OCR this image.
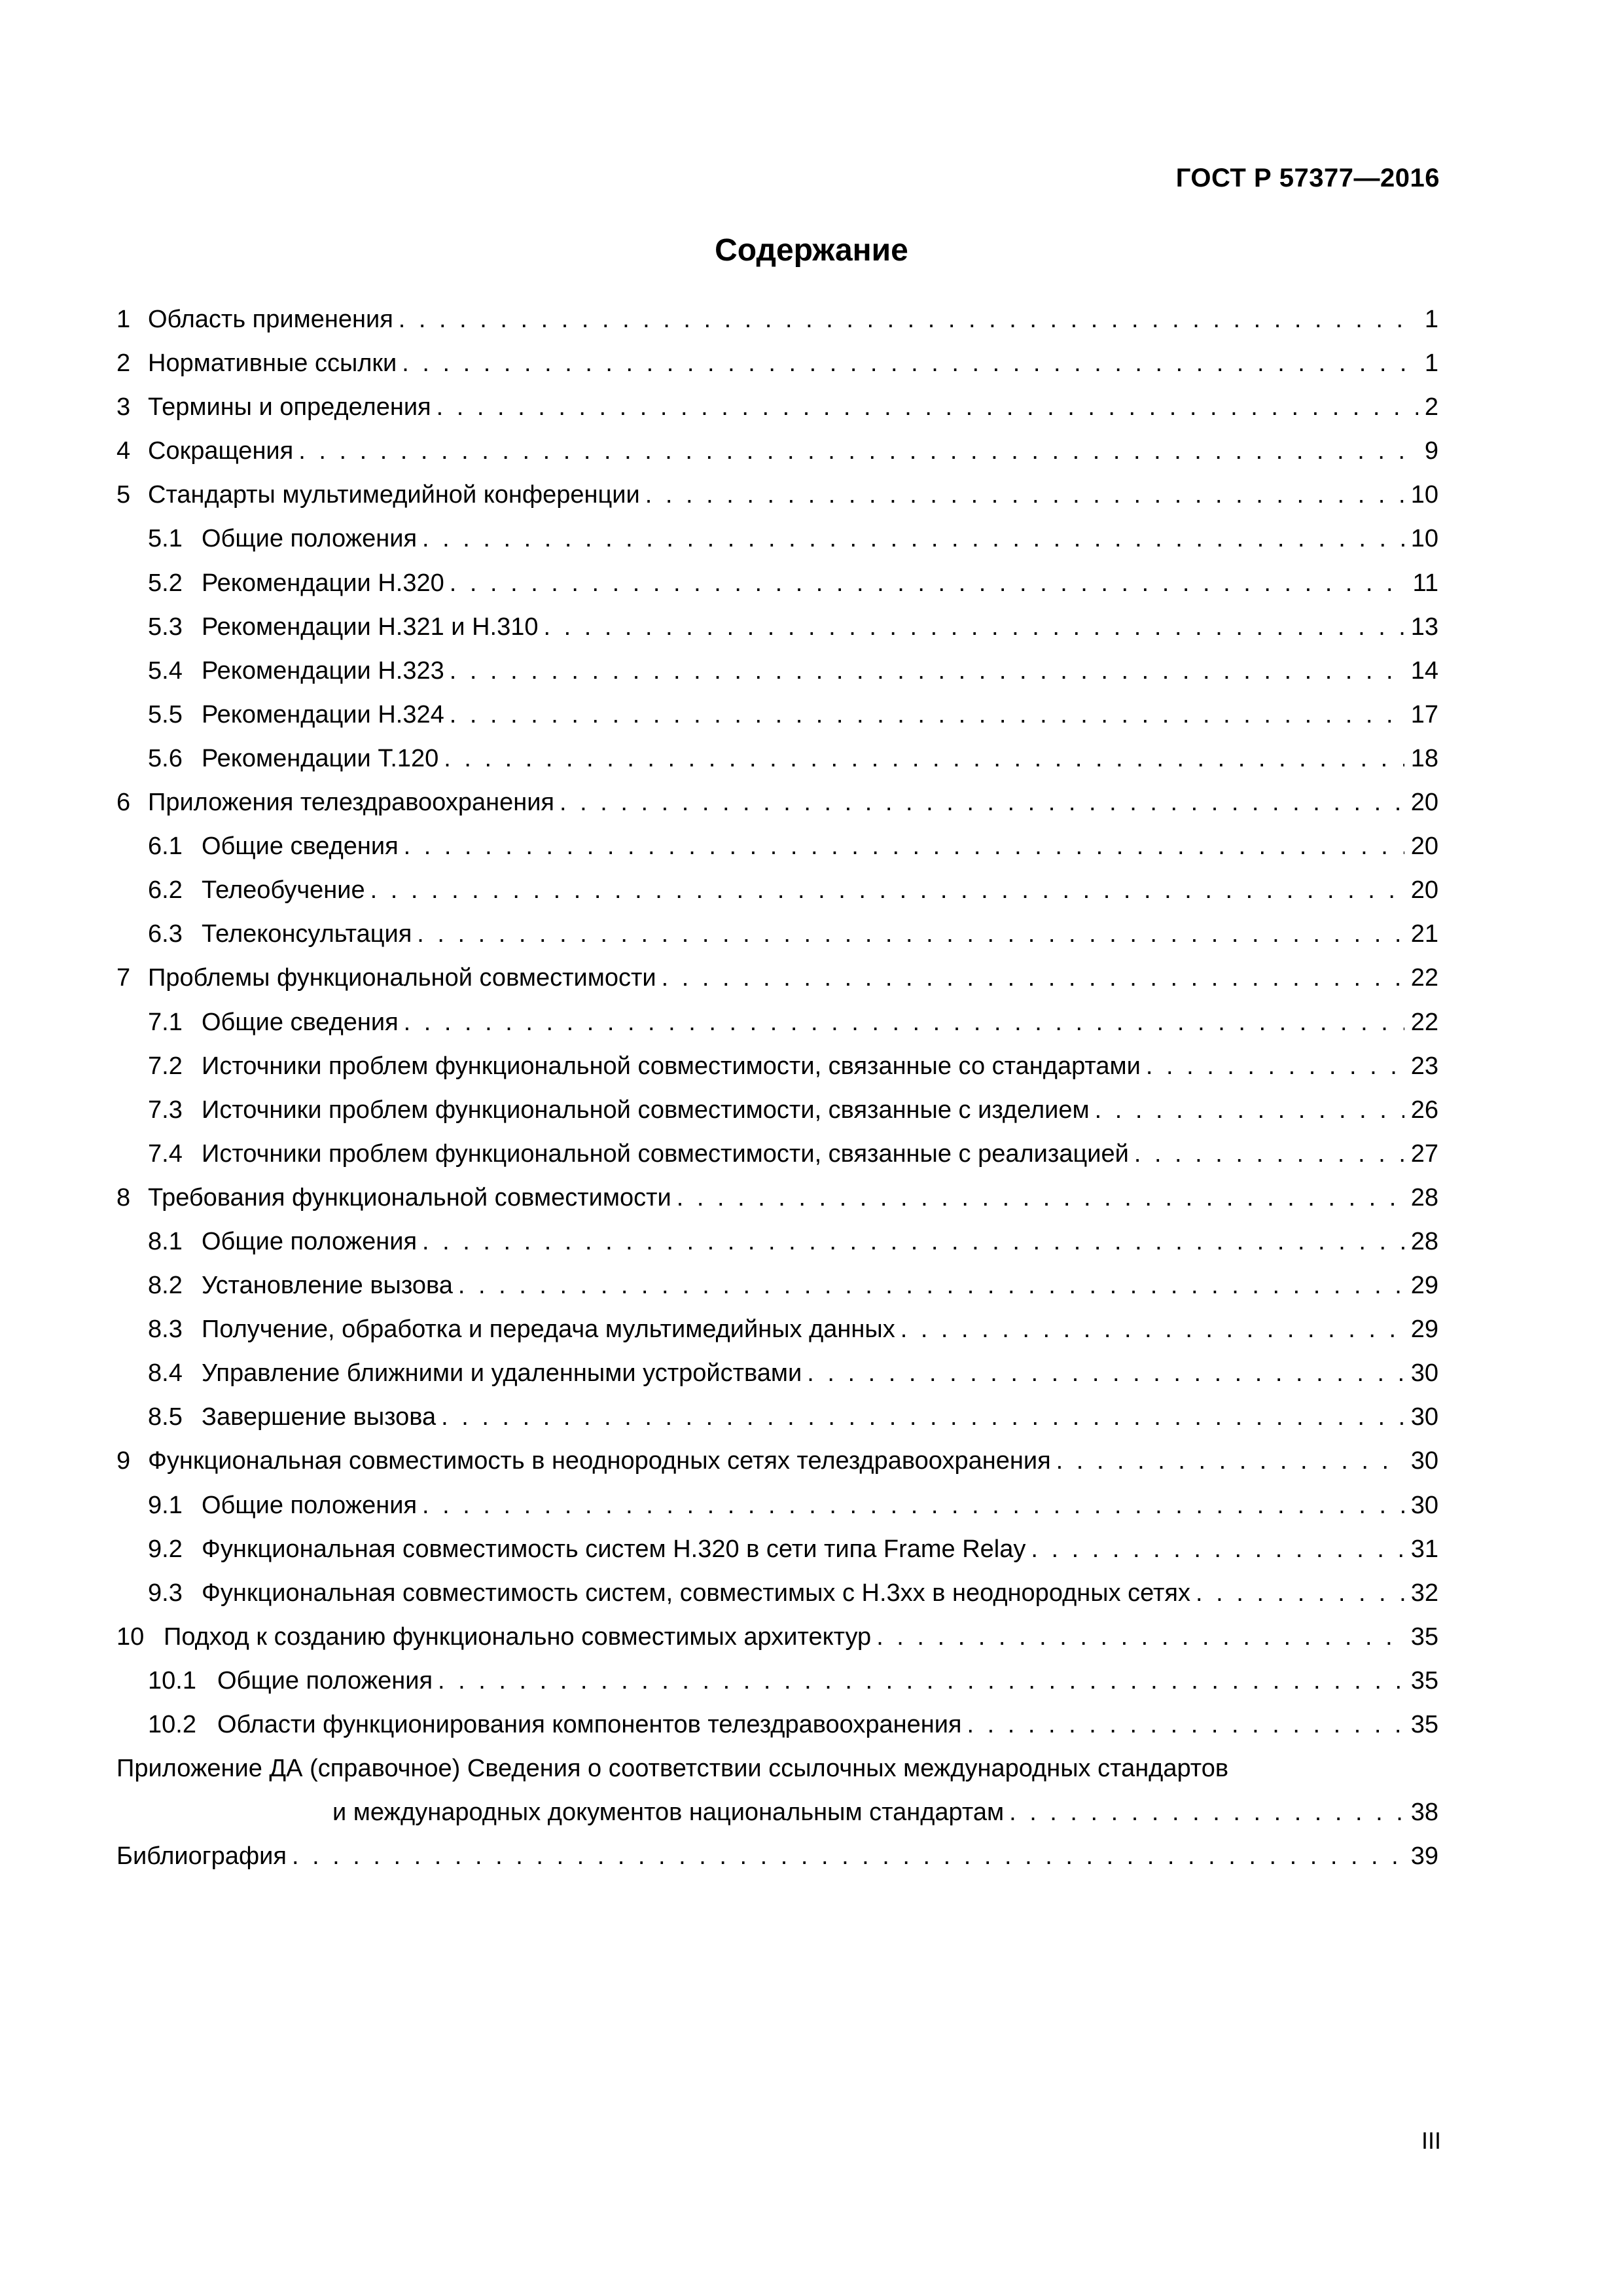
ГОСТ Р 57377—2016
Содержание
1 Область применения . . .	1
2 Нормативные ссылки . . .	1
3 Термины и определения . . .	2
4 Сокращения . . .	9
5 Стандарты мультимедийной конференции . . .	10
5.1 Общие положения . . .	10
5.2 Рекомендации H.320 . . .	11
5.3 Рекомендации H.321 и H.310 . . .	13
5.4 Рекомендации H.323 . . .	14
5.5 Рекомендации H.324 . . .	17
5.6 Рекомендации T.120 . . .	18
6 Приложения телездравоохранения . . .	20
6.1 Общие сведения . . .	20
6.2 Телеобучение . . .	20
6.3 Телеконсультация . . .	21
7 Проблемы функциональной совместимости . . .	22
7.1 Общие сведения . . .	22
7.2 Источники проблем функциональной совместимости, связанные со стандартами . . .	23
7.3 Источники проблем функциональной совместимости, связанные с изделием . . .	26
7.4 Источники проблем функциональной совместимости, связанные с реализацией . . .	27
8 Требования функциональной совместимости . . .	28
8.1 Общие положения . . .	28
8.2 Установление вызова . . .	29
8.3 Получение, обработка и передача мультимедийных данных . . .	29
8.4 Управление ближними и удаленными устройствами . . .	30
8.5 Завершение вызова . . .	30
9 Функциональная совместимость в неоднородных сетях телездравоохранения . . .	30
9.1 Общие положения . . .	30
9.2 Функциональная совместимость систем H.320 в сети типа Frame Relay . . .	31
9.3 Функциональная совместимость систем, совместимых с H.3xx в неоднородных сетях . . .	32
10 Подход к созданию функционально совместимых архитектур . . .	35
10.1 Общие положения . . .	35
10.2 Области функционирования компонентов телездравоохранения . . .	35
Приложение ДА (справочное) Сведения о соответствии ссылочных международных стандартов
и международных документов национальным стандартам . . .	38
Библиография . . .	39
III
